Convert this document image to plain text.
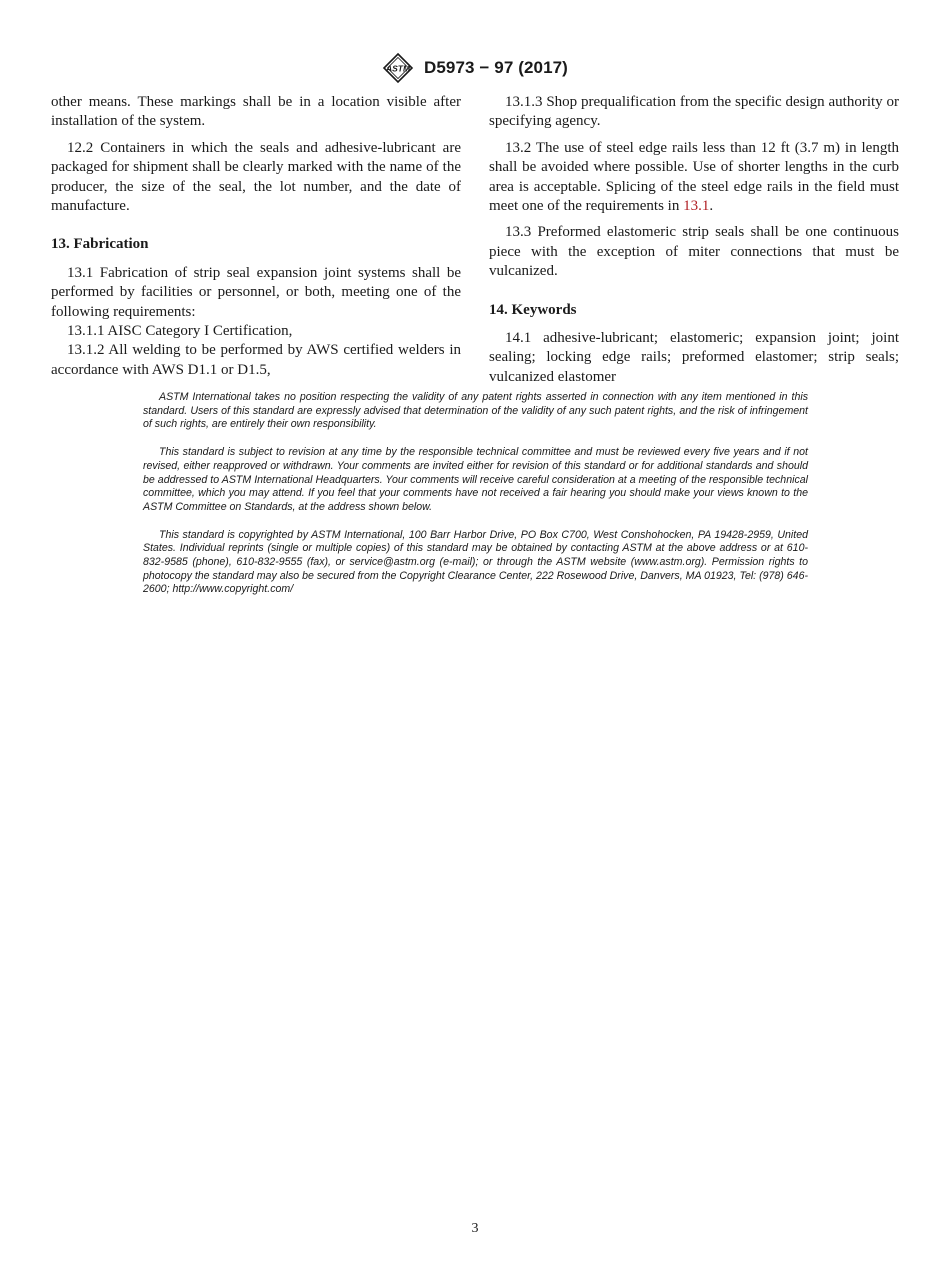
ASTM D5973 − 97 (2017)

other means. These markings shall be in a location visible after installation of the system.

12.2 Containers in which the seals and adhesive-lubricant are packaged for shipment shall be clearly marked with the name of the producer, the size of the seal, the lot number, and the date of manufacture.

13. Fabrication

13.1 Fabrication of strip seal expansion joint systems shall be performed by facilities or personnel, or both, meeting one of the following requirements:

13.1.1 AISC Category I Certification,

13.1.2 All welding to be performed by AWS certified welders in accordance with AWS D1.1 or D1.5,

13.1.3 Shop prequalification from the specific design authority or specifying agency.

13.2 The use of steel edge rails less than 12 ft (3.7 m) in length shall be avoided where possible. Use of shorter lengths in the curb area is acceptable. Splicing of the steel edge rails in the field must meet one of the requirements in 13.1.

13.3 Preformed elastomeric strip seals shall be one continuous piece with the exception of miter connections that must be vulcanized.

14. Keywords

14.1 adhesive-lubricant; elastomeric; expansion joint; joint sealing; locking edge rails; preformed elastomer; strip seals; vulcanized elastomer

ASTM International takes no position respecting the validity of any patent rights asserted in connection with any item mentioned in this standard. Users of this standard are expressly advised that determination of the validity of any such patent rights, and the risk of infringement of such rights, are entirely their own responsibility.

This standard is subject to revision at any time by the responsible technical committee and must be reviewed every five years and if not revised, either reapproved or withdrawn. Your comments are invited either for revision of this standard or for additional standards and should be addressed to ASTM International Headquarters. Your comments will receive careful consideration at a meeting of the responsible technical committee, which you may attend. If you feel that your comments have not received a fair hearing you should make your views known to the ASTM Committee on Standards, at the address shown below.

This standard is copyrighted by ASTM International, 100 Barr Harbor Drive, PO Box C700, West Conshohocken, PA 19428-2959, United States. Individual reprints (single or multiple copies) of this standard may be obtained by contacting ASTM at the above address or at 610-832-9585 (phone), 610-832-9555 (fax), or service@astm.org (e-mail); or through the ASTM website (www.astm.org). Permission rights to photocopy the standard may also be secured from the Copyright Clearance Center, 222 Rosewood Drive, Danvers, MA 01923, Tel: (978) 646-2600; http://www.copyright.com/

3
